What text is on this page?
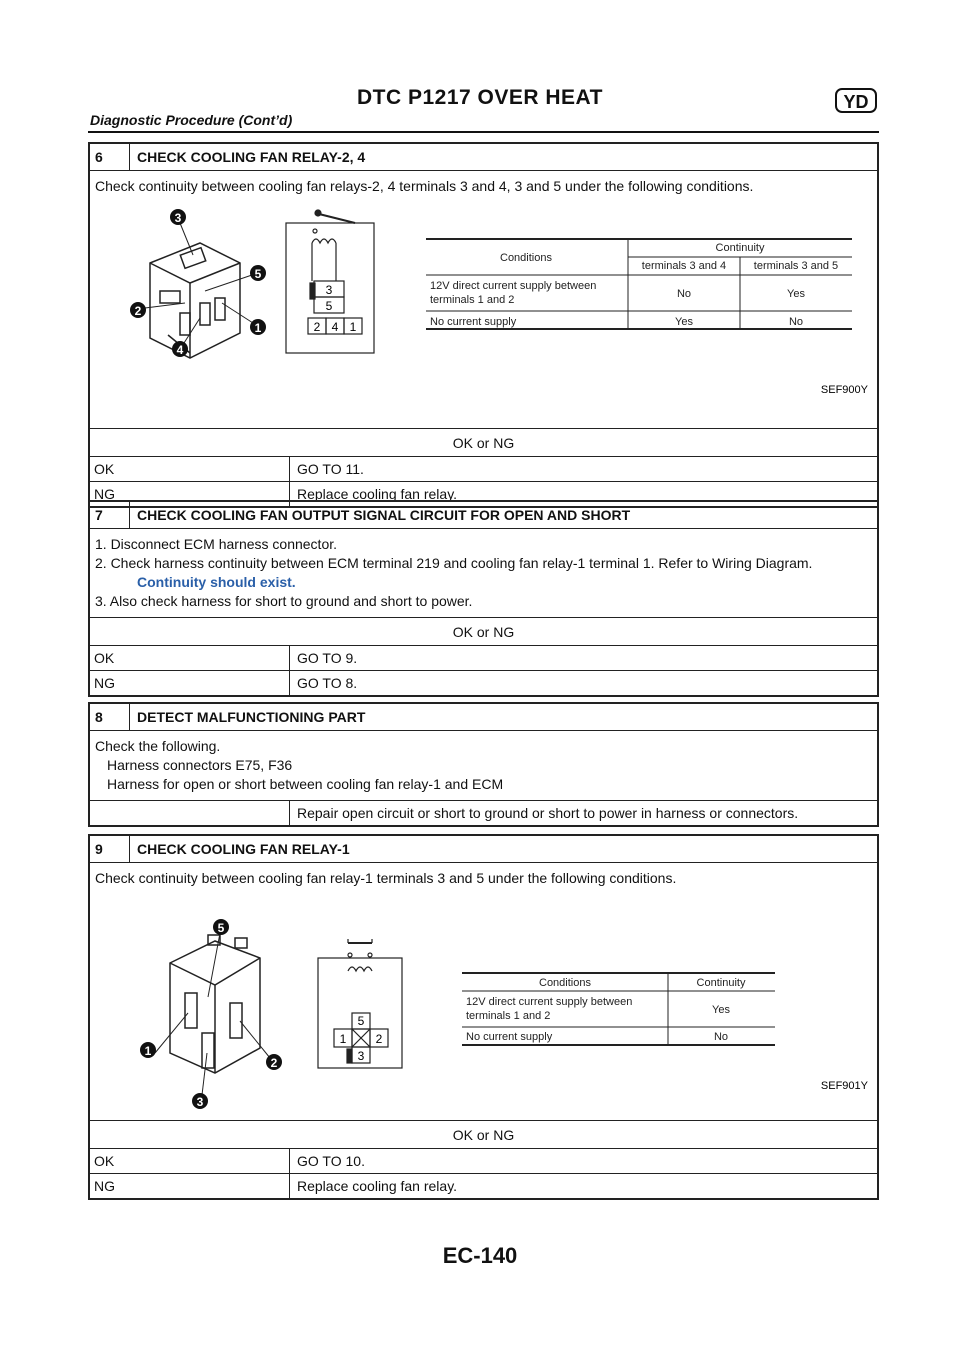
DTC P1217 OVER HEAT	YD
Diagnostic Procedure (Cont’d)
6	CHECK COOLING FAN RELAY-2, 4
Check continuity between cooling fan relays-2, 4 terminals 3 and 4, 3 and 5 under the following conditions.
3
5
2
1
4
3
5
2 4 1
Conditions
Continuity
terminals 3 and 4	terminals 3 and 5
12V direct current supply between
terminals 1 and 2	No	Yes
No current supply	Yes	No
SEF900Y
OK or NG
OK	GO TO 11.
NG	Replace cooling fan relay.
7	CHECK COOLING FAN OUTPUT SIGNAL CIRCUIT FOR OPEN AND SHORT
1. Disconnect ECM harness connector.
2. Check harness continuity between ECM terminal 219 and cooling fan relay-1 terminal 1. Refer to Wiring Diagram.
Continuity should exist.
3. Also check harness for short to ground and short to power.
OK or NG
OK	GO TO 9.
NG	GO TO 8.
8	DETECT MALFUNCTIONING PART
Check the following.
Harness connectors E75, F36
Harness for open or short between cooling fan relay-1 and ECM
Repair open circuit or short to ground or short to power in harness or connectors.
9	CHECK COOLING FAN RELAY-1
Check continuity between cooling fan relay-1 terminals 3 and 5 under the following conditions.
5
1
2
3
5
1 2
3
Conditions	Continuity
12V direct current supply between
terminals 1 and 2	Yes
No current supply	No
SEF901Y
OK or NG
OK	GO TO 10.
NG	Replace cooling fan relay.
EC-140
